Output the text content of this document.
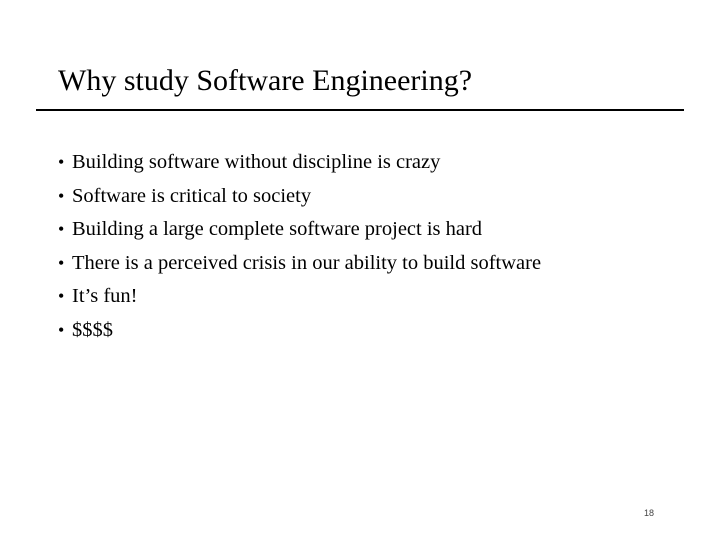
Why study Software Engineering?
• Building software without discipline is crazy
• Software is critical to society
• Building a large complete software project is hard
• There is a perceived crisis in our ability to build software
• It’s fun!
• $$$$
18
